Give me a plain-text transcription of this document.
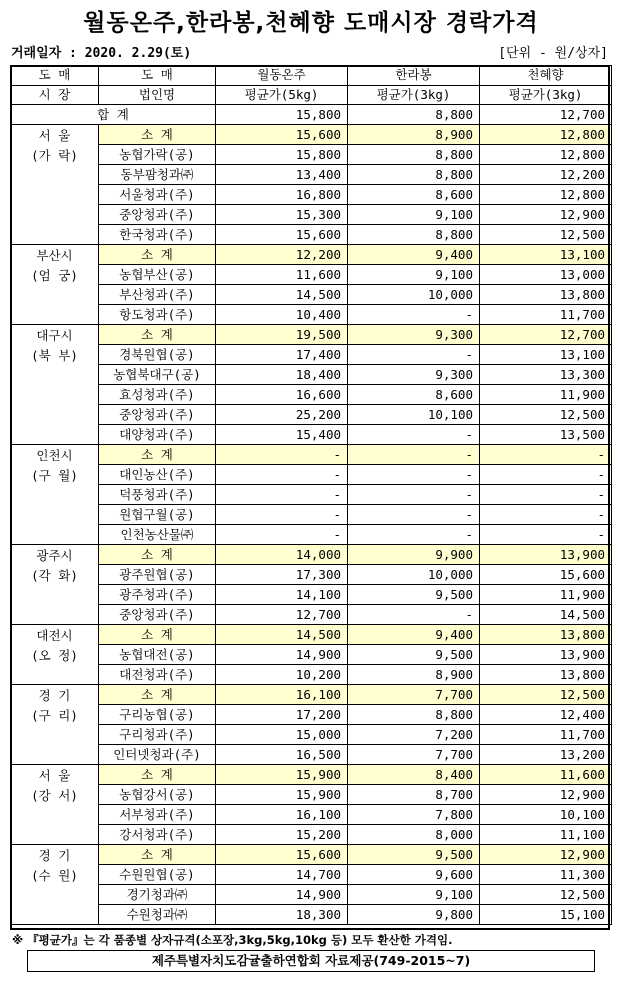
월동온주,한라봉,천혜향 도매시장 경락가격
거래일자 : 2020. 2.29(토)	[단위 - 원/상자]
도 매	도 매	월동온주	한라봉	천혜향
시 장	법인명	평균가(5kg)	평균가(3kg)	평균가(3kg)
합 계		15,800	8,800	12,700

서 울
(가 락)	소 계	15,600	8,900	12,800
	농협가락(공)	15,800	8,800	12,800
	동부팜청과㈜	13,400	8,800	12,200
	서울청과(주)	16,800	8,600	12,800
	중앙청과(주)	15,300	9,100	12,900
	한국청과(주)	15,600	8,800	12,500

부산시
(엄 궁)	소 계	12,200	9,400	13,100
	농협부산(공)	11,600	9,100	13,000
	부산청과(주)	14,500	10,000	13,800
	항도청과(주)	10,400	-	11,700

대구시
(북 부)	소 계	19,500	9,300	12,700
	경북원협(공)	17,400	-	13,100
	농협북대구(공)	18,400	9,300	13,300
	효성청과(주)	16,600	8,600	11,900
	중앙청과(주)	25,200	10,100	12,500
	대양청과(주)	15,400	-	13,500

인천시
(구 월)	소 계	-	-	-
	대인농산(주)	-	-	-
	덕풍청과(주)	-	-	-
	원협구월(공)	-	-	-
	인천농산물㈜	-	-	-

광주시
(각 화)	소 계	14,000	9,900	13,900
	광주원협(공)	17,300	10,000	15,600
	광주청과(주)	14,100	9,500	11,900
	중앙청과(주)	12,700	-	14,500

대전시
(오 정)	소 계	14,500	9,400	13,800
	농협대전(공)	14,900	9,500	13,900
	대전청과(주)	10,200	8,900	13,800

경 기
(구 리)	소 계	16,100	7,700	12,500
	구리농협(공)	17,200	8,800	12,400
	구리청과(주)	15,000	7,200	11,700
	인터넷청과(주)	16,500	7,700	13,200

서 울
(강 서)	소 계	15,900	8,400	11,600
	농협강서(공)	15,900	8,700	12,900
	서부청과(주)	16,100	7,800	10,100
	강서청과(주)	15,200	8,000	11,100

경 기
(수 원)	소 계	15,600	9,500	12,900
	수원원협(공)	14,700	9,600	11,300
	경기청과㈜	14,900	9,100	12,500
	수원청과㈜	18,300	9,800	15,100
※ 『평균가』는 각 품종별 상자규격(소포장,3kg,5kg,10kg 등) 모두 환산한 가격임.
제주특별자치도감귤출하연합회 자료제공(749-2015~7)
